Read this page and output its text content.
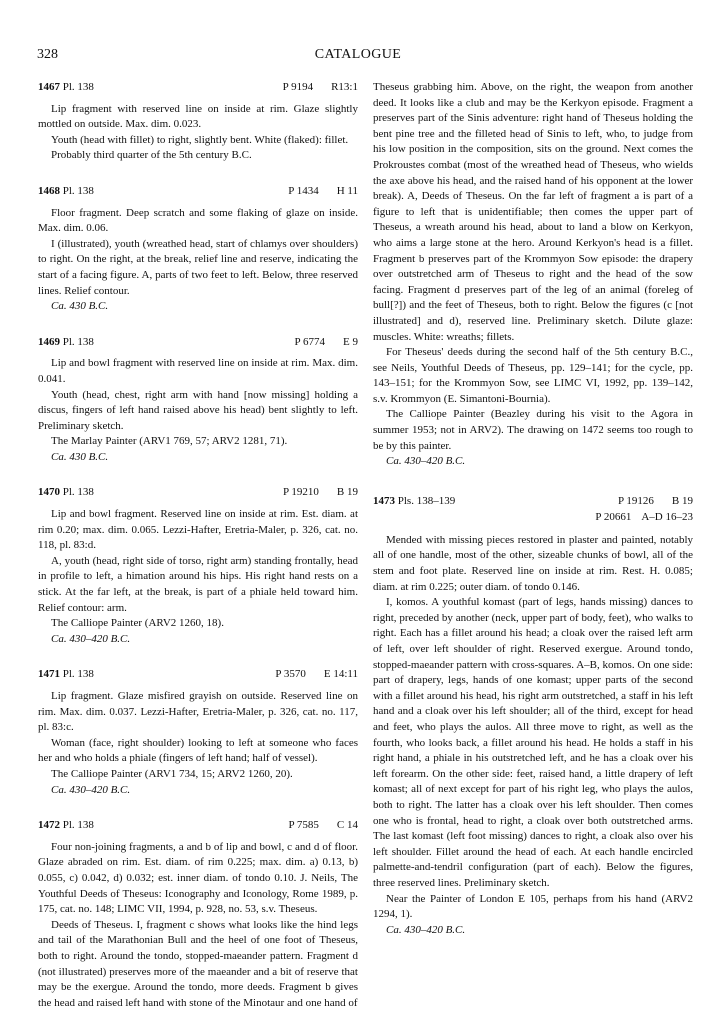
328	CATALOGUE
1467 Pl. 138	P 9194 R13:1

Lip fragment with reserved line on inside at rim. Glaze slightly mottled on outside. Max. dim. 0.023.

Youth (head with fillet) to right, slightly bent. White (flaked): fillet.

Probably third quarter of the 5th century B.C.

1468 Pl. 138	P 1434 H 11

Floor fragment. Deep scratch and some flaking of glaze on inside. Max. dim. 0.06.

I (illustrated), youth (wreathed head, start of chlamys over shoulders) to right. On the right, at the break, relief line and reserve, indicating the start of a facing figure. A, parts of two feet to left. Below, three reserved lines. Relief contour.

Ca. 430 B.C.

1469 Pl. 138	P 6774 E 9

Lip and bowl fragment with reserved line on inside at rim. Max. dim. 0.041.

Youth (head, chest, right arm with hand [now missing] holding a discus, fingers of left hand raised above his head) bent slightly to left. Preliminary sketch.

The Marlay Painter (ARV1 769, 57; ARV2 1281, 71).

Ca. 430 B.C.

1470 Pl. 138	P 19210 B 19

Lip and bowl fragment. Reserved line on inside at rim. Est. diam. at rim 0.20; max. dim. 0.065. Lezzi-Hafter, Eretria-Maler, p. 326, cat. no. 118, pl. 83:d.

A, youth (head, right side of torso, right arm) standing frontally, head in profile to left, a himation around his hips. His right hand rests on a stick. At the far left, at the break, is part of a phiale held toward him. Relief contour: arm.

The Calliope Painter (ARV2 1260, 18).

Ca. 430–420 B.C.

1471 Pl. 138	P 3570 E 14:11

Lip fragment. Glaze misfired grayish on outside. Reserved line on rim. Max. dim. 0.037. Lezzi-Hafter, Eretria-Maler, p. 326, cat. no. 117, pl. 83:c.

Woman (face, right shoulder) looking to left at someone who faces her and who holds a phiale (fingers of left hand; half of vessel).

The Calliope Painter (ARV1 734, 15; ARV2 1260, 20).

Ca. 430–420 B.C.

1472 Pl. 138	P 7585 C 14

Four non-joining fragments, a and b of lip and bowl, c and d of floor. Glaze abraded on rim. Est. diam. of rim 0.225; max. dim. a) 0.13, b) 0.055, c) 0.042, d) 0.032; est. inner diam. of tondo 0.10. J. Neils, The Youthful Deeds of Theseus: Iconography and Iconology, Rome 1989, p. 175, cat. no. 148; LIMC VII, 1994, p. 928, no. 53, s.v. Theseus.

Deeds of Theseus. I, fragment c shows what looks like the hind legs and tail of the Marathonian Bull and the heel of one foot of Theseus, both to right. Around the tondo, stopped-maeander pattern. Fragment d (not illustrated) preserves more of the maeander and a bit of reserve that may be the exergue. Around the tondo, more deeds. Fragment b gives the head and raised left hand with stone of the Minotaur and one hand of

Theseus grabbing him. Above, on the right, the weapon from another deed. It looks like a club and may be the Kerkyon episode. Fragment a preserves part of the Sinis adventure: right hand of Theseus holding the bent pine tree and the filleted head of Sinis to left, who, to judge from his low position in the composition, sits on the ground. Next comes the Prokroustes combat (most of the wreathed head of Theseus, who wields the axe above his head, and the raised hand of his opponent at the lower break). A, Deeds of Theseus. On the far left of fragment a is part of a figure to left that is unidentifiable; then comes the upper part of Theseus, a wreath around his head, about to land a blow on Kerkyon, who aims a large stone at the hero. Around Kerkyon's head is a fillet. Fragment b preserves part of the Krommyon Sow episode: the drapery over outstretched arm of Theseus to right and the head of the sow facing. Fragment d preserves part of the leg of an animal (foreleg of bull[?]) and the feet of Theseus, both to right. Below the figures (c [not illustrated] and d), reserved line. Preliminary sketch. Dilute glaze: muscles. White: wreaths; fillets.

For Theseus' deeds during the second half of the 5th century B.C., see Neils, Youthful Deeds of Theseus, pp. 129–141; for the cycle, pp. 143–151; for the Krommyon Sow, see LIMC VI, 1992, pp. 139–142, s.v. Krommyon (E. Simantoni-Bournia).

The Calliope Painter (Beazley during his visit to the Agora in summer 1953; not in ARV2). The drawing on 1472 seems too rough to be by this painter.

Ca. 430–420 B.C.

1473 Pls. 138–139	P 19126 B 19
P 20661 A–D 16–23

Mended with missing pieces restored in plaster and painted, notably all of one handle, most of the other, sizeable chunks of bowl, all of the stem and foot plate. Reserved line on inside at rim. Rest. H. 0.085; diam. at rim 0.225; outer diam. of tondo 0.146.

I, komos. A youthful komast (part of legs, hands missing) dances to right, preceded by another (neck, upper part of body, feet), who walks to right. Each has a fillet around his head; a cloak over the raised left arm of left, over left shoulder of right. Reserved exergue. Around tondo, stopped-maeander pattern with cross-squares. A–B, komos. On one side: part of drapery, legs, hands of one komast; upper parts of the second with a fillet around his head, his right arm outstretched, a staff in his left hand and a cloak over his left shoulder; all of the third, except for head and feet, who plays the aulos. All three move to right, as well as the fourth, who looks back, a fillet around his head. He holds a staff in his right hand, a phiale in his outstretched left, and he has a cloak over his left forearm. On the other side: feet, raised hand, a little drapery of left komast; all of next except for part of his right leg, who plays the aulos, both to right. The latter has a cloak over his left shoulder. Then comes one who is frontal, head to right, a cloak over both outstretched arms. The last komast (left foot missing) dances to right, a cloak also over his left shoulder. Fillet around the head of each. At each handle encircled palmette-and-tendril configuration (part of each). Below the figures, three reserved lines. Preliminary sketch.

Near the Painter of London E 105, perhaps from his hand (ARV2 1294, 1).

Ca. 430–420 B.C.
